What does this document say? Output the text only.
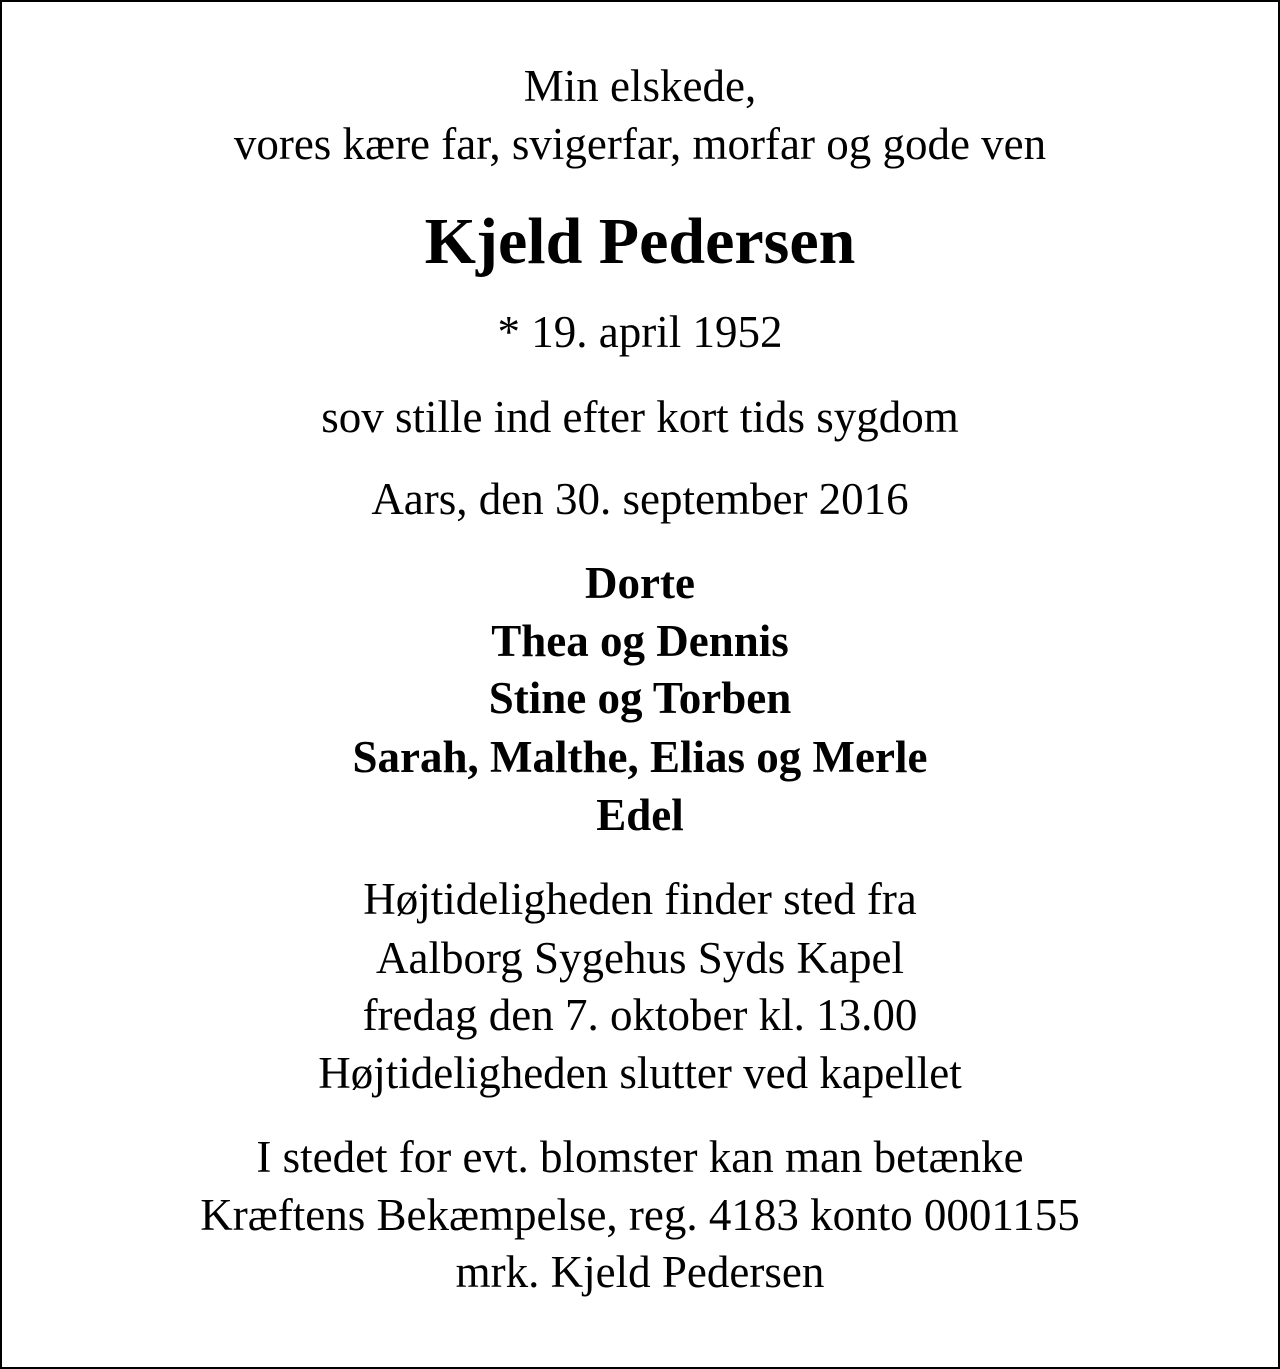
Min elskede,
vores kære far, svigerfar, morfar og gode ven
Kjeld Pedersen
* 19. april 1952
sov stille ind efter kort tids sygdom
Aars, den 30. september 2016
Dorte
Thea og Dennis
Stine og Torben
Sarah, Malthe, Elias og Merle
Edel
Højtideligheden finder sted fra
Aalborg Sygehus Syds Kapel
fredag den 7. oktober kl. 13.00
Højtideligheden slutter ved kapellet
I stedet for evt. blomster kan man betænke
Kræftens Bekæmpelse, reg. 4183 konto 0001155
mrk. Kjeld Pedersen
